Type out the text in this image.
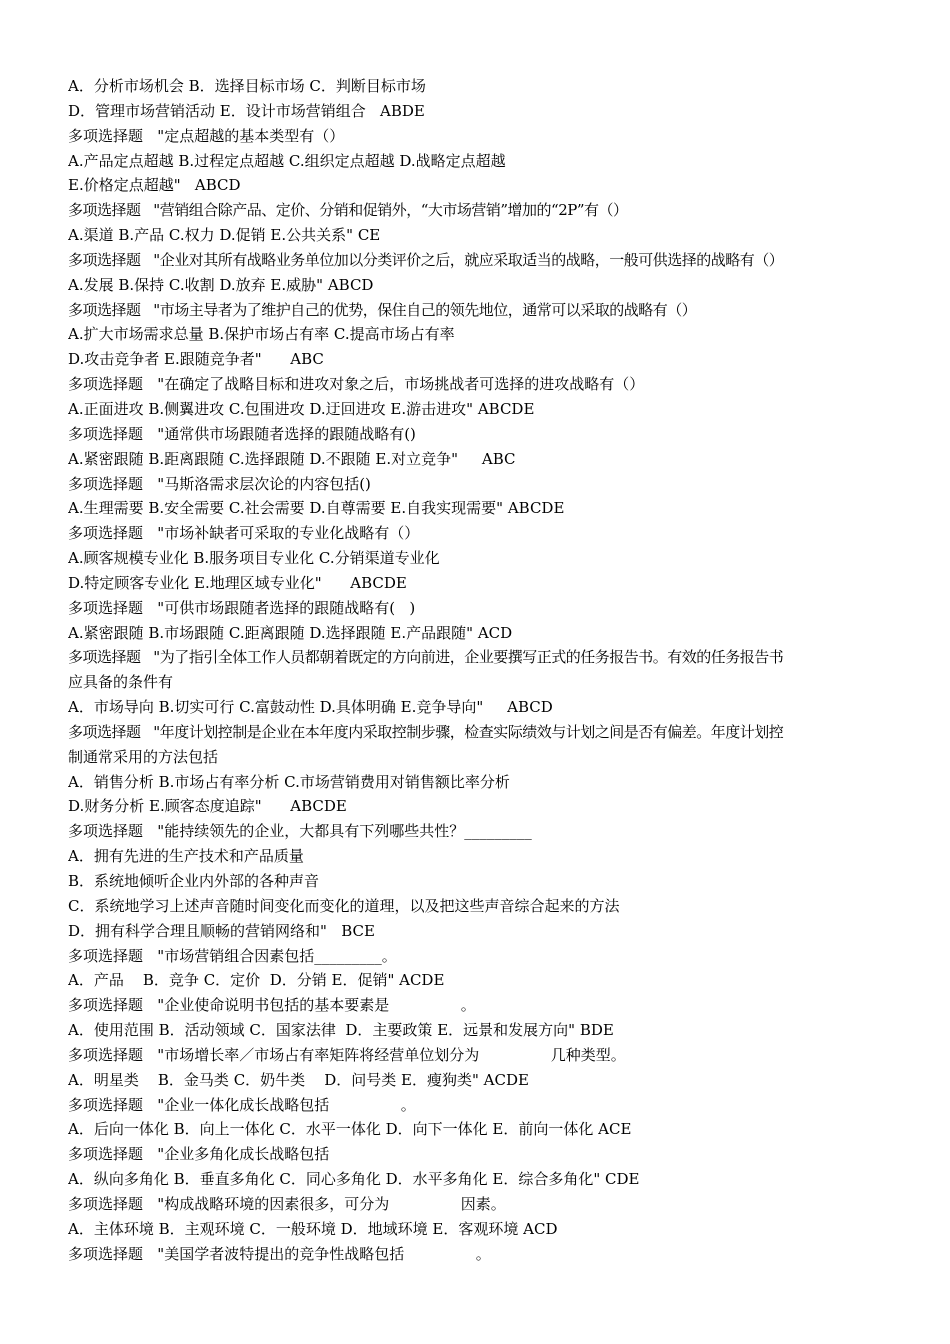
A．分析市场机会 B．选择目标市场 C．判断目标市场
D．管理市场营销活动 E．设计市场营销组合   ABDE
多项选择题   "定点超越的基本类型有（）
A.产品定点超越 B.过程定点超越 C.组织定点超越 D.战略定点超越
E.价格定点超越"   ABCD
多项选择题   "营销组合除产品、定价、分销和促销外，“大市场营销”增加的“2P”有（）
A.渠道 B.产品 C.权力 D.促销 E.公共关系" CE
多项选择题   "企业对其所有战略业务单位加以分类评价之后，就应采取适当的战略，一般可供选择的战略有（）
A.发展 B.保持 C.收割 D.放弃 E.威胁" ABCD
多项选择题   "市场主导者为了维护自己的优势，保住自己的领先地位，通常可以采取的战略有（）
A.扩大市场需求总量 B.保护市场占有率 C.提高市场占有率
D.攻击竞争者 E.跟随竞争者"      ABC
多项选择题   "在确定了战略目标和进攻对象之后，市场挑战者可选择的进攻战略有（）
A.正面进攻 B.侧翼进攻 C.包围进攻 D.迂回进攻 E.游击进攻" ABCDE
多项选择题   "通常供市场跟随者选择的跟随战略有()
A.紧密跟随 B.距离跟随 C.选择跟随 D.不跟随 E.对立竞争"     ABC
多项选择题   "马斯洛需求层次论的内容包括()
A.生理需要 B.安全需要 C.社会需要 D.自尊需要 E.自我实现需要" ABCDE
多项选择题   "市场补缺者可采取的专业化战略有（）
A.顾客规模专业化 B.服务项目专业化 C.分销渠道专业化
D.特定顾客专业化 E.地理区域专业化"      ABCDE
多项选择题   "可供市场跟随者选择的跟随战略有(   )
A.紧密跟随 B.市场跟随 C.距离跟随 D.选择跟随 E.产品跟随" ACD
多项选择题   "为了指引全体工作人员都朝着既定的方向前进，企业要撰写正式的任务报告书。有效的任务报告书
应具备的条件有
A．市场导向 B.切实可行 C.富鼓动性 D.具体明确 E.竞争导向"     ABCD
多项选择题   "年度计划控制是企业在本年度内采取控制步骤，检查实际绩效与计划之间是否有偏差。年度计划控
制通常采用的方法包括
A．销售分析 B.市场占有率分析 C.市场营销费用对销售额比率分析
D.财务分析 E.顾客态度追踪"      ABCDE
多项选择题   "能持续领先的企业，大都具有下列哪些共性？_________
A．拥有先进的生产技术和产品质量
B．系统地倾听企业内外部的各种声音
C．系统地学习上述声音随时间变化而变化的道理，以及把这些声音综合起来的方法
D．拥有科学合理且顺畅的营销网络和"   BCE
多项选择题   "市场营销组合因素包括_________。
A．产品    B．竞争 C．定价  D．分销 E．促销" ACDE
多项选择题   "企业使命说明书包括的基本要素是               。
A．使用范围 B．活动领域 C．国家法律  D．主要政策 E．远景和发展方向" BDE
多项选择题   "市场增长率／市场占有率矩阵将经营单位划分为               几种类型。
A．明星类    B．金马类 C．奶牛类    D．问号类 E．瘦狗类" ACDE
多项选择题   "企业一体化成长战略包括               。
A．后向一体化 B．向上一体化 C．水平一体化 D．向下一体化 E．前向一体化 ACE
多项选择题   "企业多角化成长战略包括
A．纵向多角化 B．垂直多角化 C．同心多角化 D．水平多角化 E．综合多角化" CDE
多项选择题   "构成战略环境的因素很多，可分为               因素。
A．主体环境 B．主观环境 C．一般环境 D．地域环境 E．客观环境 ACD
多项选择题   "美国学者波特提出的竞争性战略包括               。
